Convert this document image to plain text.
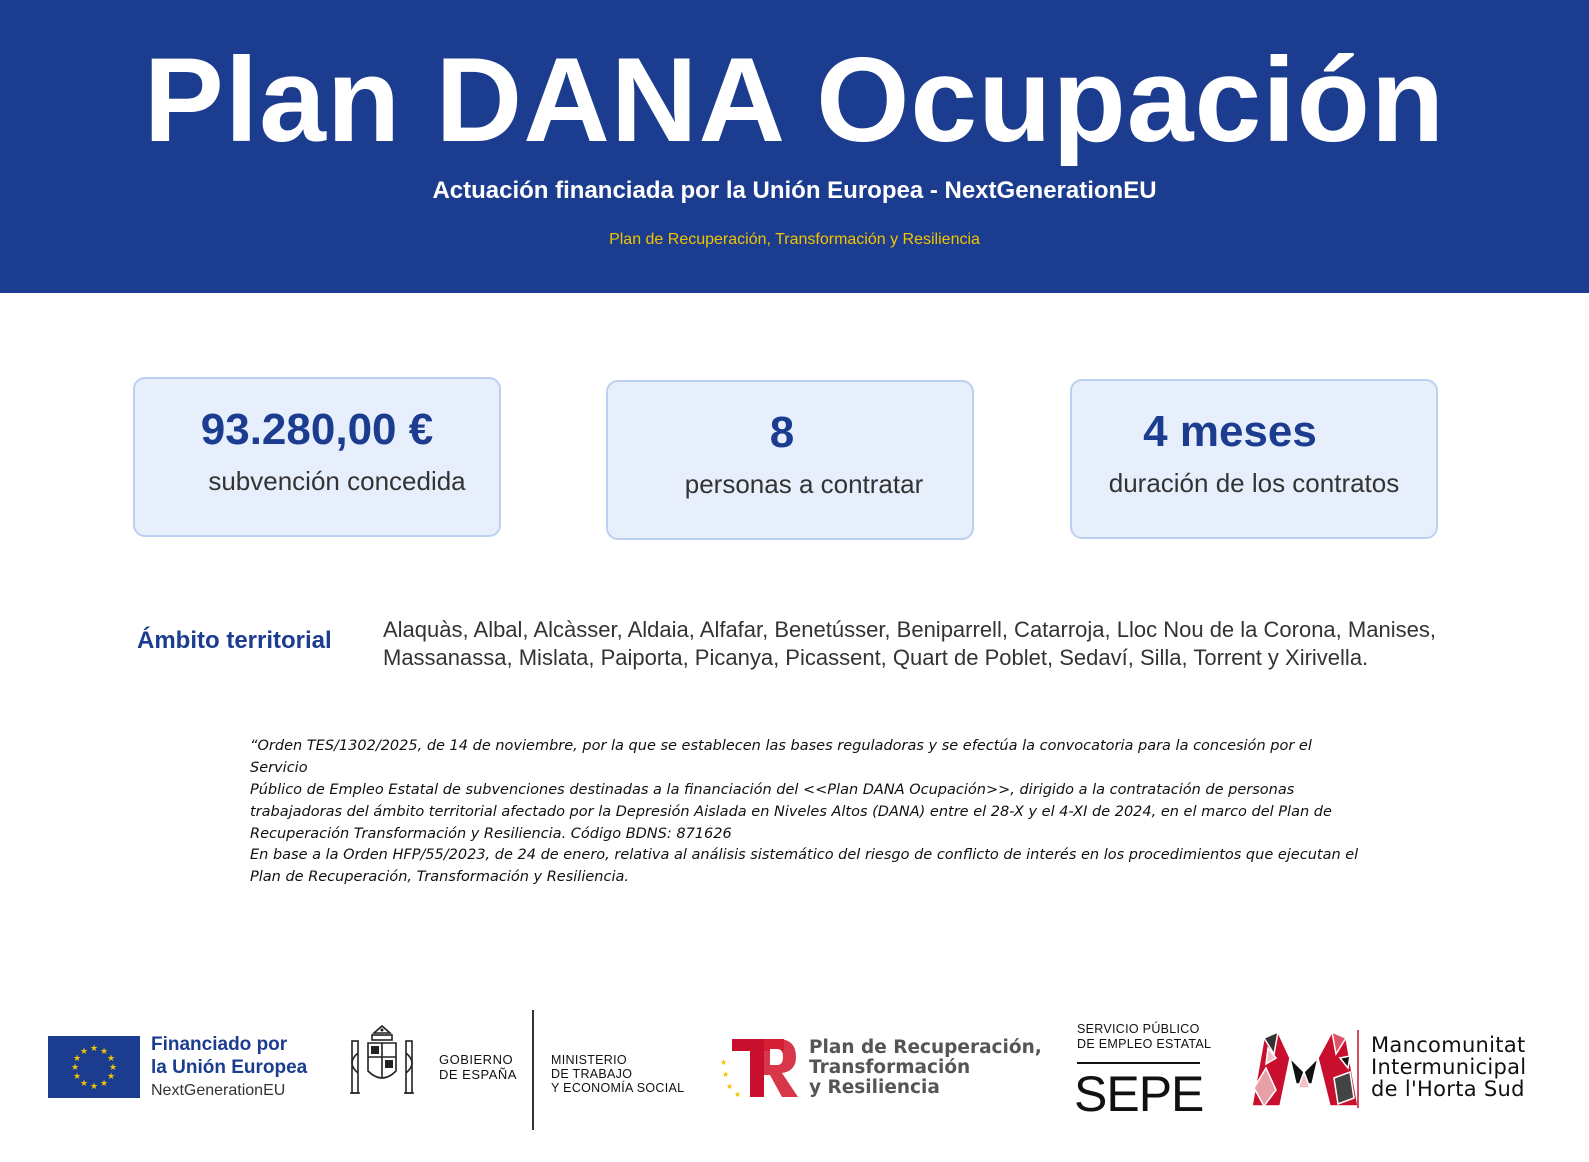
Plan DANA Ocupación
Actuación financiada por la Unión Europea - NextGenerationEU
Plan de Recuperación, Transformación y Resiliencia
93.280,00 €
subvención concedida
8
personas a contratar
4 meses
duración de los contratos
Ámbito territorial Alaquàs, Albal, Alcàsser, Aldaia, Alfafar, Benetússer, Beniparrell, Catarroja, Lloc Nou de la Corona, Manises,
Massanassa, Mislata, Paiporta, Picanya, Picassent, Quart de Poblet, Sedaví, Silla, Torrent y Xirivella.
“Orden TES/1302/2025, de 14 de noviembre, por la que se establecen las bases reguladoras y se efectúa la convocatoria para la concesión por el Servicio
Público de Empleo Estatal de subvenciones destinadas a la financiación del <<Plan DANA Ocupación>>, dirigido a la contratación de personas
trabajadoras del ámbito territorial afectado por la Depresión Aislada en Niveles Altos (DANA) entre el 28-X y el 4-XI de 2024, en el marco del Plan de
Recuperación Transformación y Resiliencia. Código BDNS: 871626
En base a la Orden HFP/55/2023, de 24 de enero, relativa al análisis sistemático del riesgo de conflicto de interés en los procedimientos que ejecutan el
Plan de Recuperación, Transformación y Resiliencia.
★ ★
★
★
★
★
★
★
★
★
★
★	Financiado por
la Unión Europea
NextGenerationEU
GOBIERNO
DE ESPAÑA
MINISTERIO
DE TRABAJO
Y ECONOMÍA SOCIAL
★
★
★
★
Plan de Recuperación,
Transformación
y Resiliencia
SERVICIO PÚBLICO
DE EMPLEO ESTATAL
SEPE
Mancomunitat
Intermunicipal
de l'Horta Sud
